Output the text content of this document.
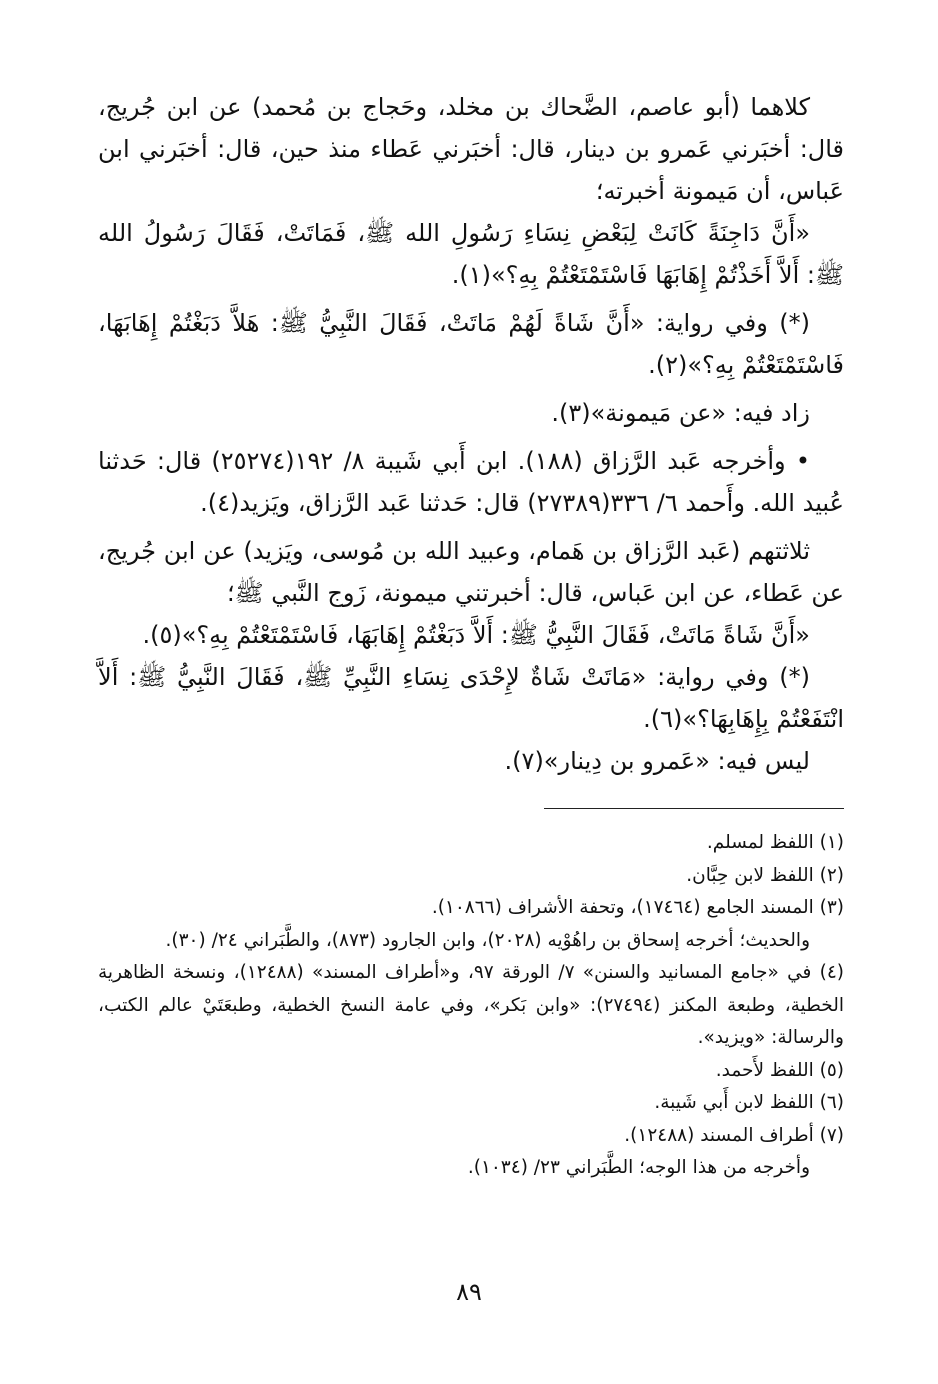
كلاهما (أبو عاصم، الضَّحاك بن مخلد، وحَجاج بن مُحمد) عن ابن جُريج، قال: أخبَرني عَمرو بن دينار، قال: أخبَرني عَطاء منذ حين، قال: أخبَرني ابن عَباس، أن مَيمونة أخبرته؛

«أَنَّ دَاجِنَةً كَانَتْ لِبَعْضِ نِسَاءِ رَسُولِ الله ﷺ، فَمَاتَتْ، فَقَالَ رَسُولُ الله ﷺ: أَلاَّ أَخَذْتُمْ إِهَابَهَا فَاسْتَمْتَعْتُمْ بِهِ؟»(١).

(*) وفي رواية: «أَنَّ شَاةً لَهُمْ مَاتَتْ، فَقَالَ النَّبِيُّ ﷺ: هَلاَّ دَبَغْتُمْ إِهَابَهَا، فَاسْتَمْتَعْتُمْ بِهِ؟»(٢).

زاد فيه: «عن مَيمونة»(٣).

• وأخرجه عَبد الرَّزاق (١٨٨). ابن أَبي شَيبة ٨/ ١٩٢(٢٥٢٧٤) قال: حَدثنا عُبيد الله. وأَحمد ٦/ ٣٣٦(٢٧٣٨٩) قال: حَدثنا عَبد الرَّزاق، ويَزيد(٤).

ثلاثتهم (عَبد الرَّزاق بن هَمام، وعبيد الله بن مُوسى، ويَزيد) عن ابن جُريج، عن عَطاء، عن ابن عَباس، قال: أخبرتني ميمونة، زَوج النَّبي ﷺ؛

«أَنَّ شَاةً مَاتَتْ، فَقَالَ النَّبِيُّ ﷺ: أَلاَّ دَبَغْتُمْ إِهَابَهَا، فَاسْتَمْتَعْتُمْ بِهِ؟»(٥).

(*) وفي رواية: «مَاتَتْ شَاةٌ لإِحْدَى نِسَاءِ النَّبِيِّ ﷺ، فَقَالَ النَّبِيُّ ﷺ: أَلاَّ انْتَفَعْتُمْ بِإِهَابِهَا؟»(٦).

ليس فيه: «عَمرو بن دِينار»(٧).

(١) اللفظ لمسلم.

(٢) اللفظ لابن حِبَّان.

(٣) المسند الجامع (١٧٤٦٤)، وتحفة الأشراف (١٠٨٦٦).

والحديث؛ أخرجه إسحاق بن راهُوْيه (٢٠٢٨)، وابن الجارود (٨٧٣)، والطَّبَراني ٢٤/ (٣٠).

(٤) في «جامع المسانيد والسنن» ٧/ الورقة ٩٧، و«أطراف المسند» (١٢٤٨٨)، ونسخة الظاهرية الخطية، وطبعة المكنز (٢٧٤٩٤): «وابن بَكر»، وفي عامة النسخ الخطية، وطبعَتَيْ عالم الكتب، والرسالة: «ويزيد».

(٥) اللفظ لأَحمد.

(٦) اللفظ لابن أَبي شَيبة.

(٧) أطراف المسند (١٢٤٨٨).

وأخرجه من هذا الوجه؛ الطَّبَراني ٢٣/ (١٠٣٤).

٨٩
